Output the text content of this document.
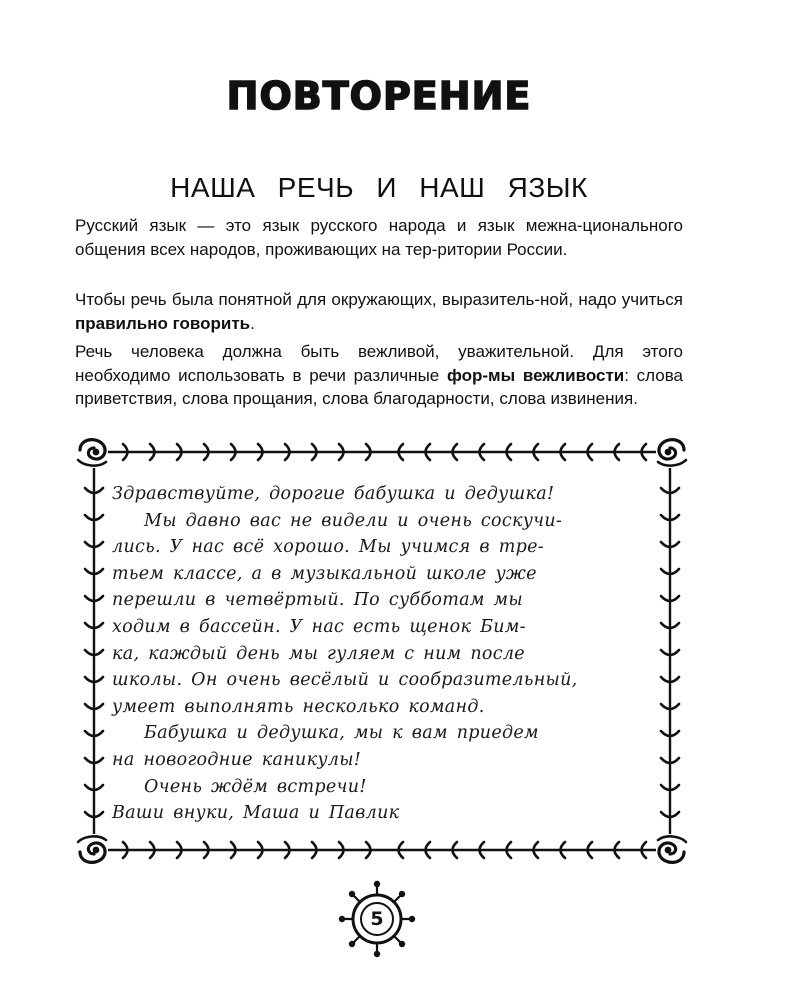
ПОВТОРЕНИЕ
НАША РЕЧЬ И НАШ ЯЗЫК
Русский язык — это язык русского народа и язык межна-ционального общения всех народов, проживающих на тер-ритории России.
Чтобы речь была понятной для окружающих, выразитель-ной, надо учиться правильно говорить.
Речь человека должна быть вежливой, уважительной. Для этого необходимо использовать в речи различные фор-мы вежливости: слова приветствия, слова прощания, слова благодарности, слова извинения.
Здравствуйте, дорогие бабушка и дедушка!
Мы давно вас не видели и очень соскучи-
лись. У нас всё хорошо. Мы учимся в тре-
тьем классе, а в музыкальной школе уже
перешли в четвёртый. По субботам мы
ходим в бассейн. У нас есть щенок Бим-
ка, каждый день мы гуляем с ним после
школы. Он очень весёлый и сообразительный,
умеет выполнять несколько команд.
Бабушка и дедушка, мы к вам приедем
на новогодние каникулы!
Очень ждём встречи!
Ваши внуки, Маша и Павлик
5
